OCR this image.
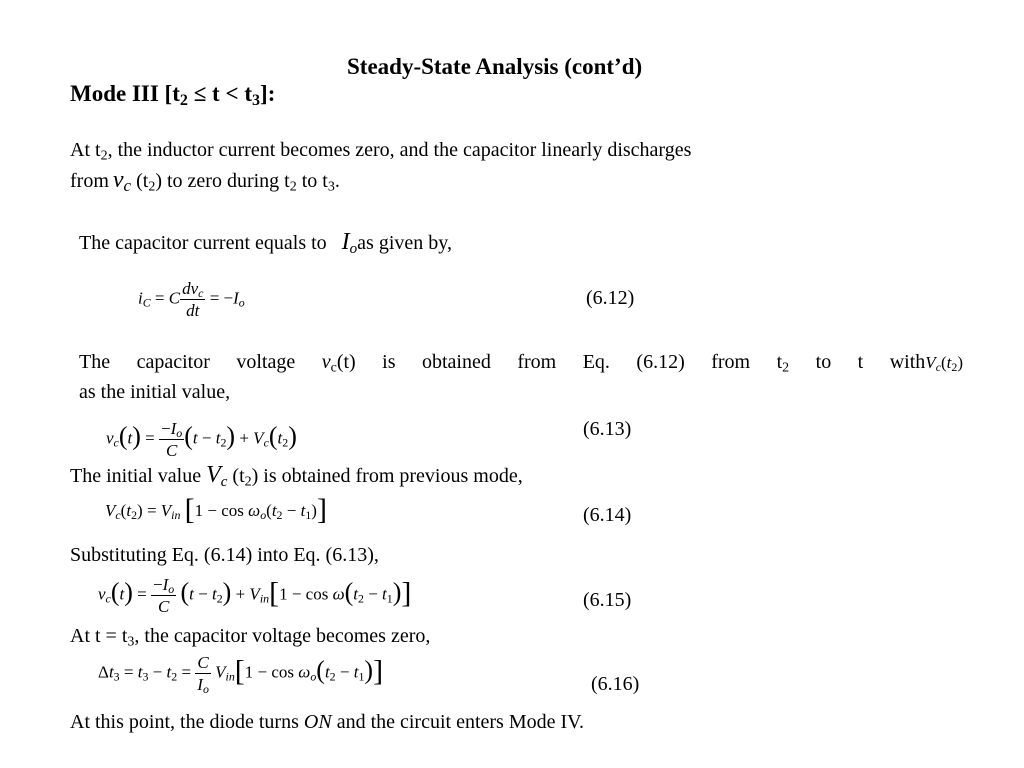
Steady-State Analysis (cont’d)
Mode III $[t_2 \le t < t_3]$:
At $t_2$, the inductor current becomes zero, and the capacitor linearly discharges
from $v_c$ $(t_2)$ to zero during $t_2$ to $t_3$.
The capacitor current equals to $I_oas$ given by,
$i_C = C \frac{dv_c}{dt} = -I_o$	(6.12)
The capacitor voltage $v_c(t)$ is obtained from Eq. (6.12) from $t_2$ to t $withV_c(t_2)$
as the initial value,
$v_c(t) = \frac{-I_o}{C} (t - t_2) + V_c(t_2)$	(6.13)
The initial value $V_c$ $(t_2)$ is obtained from previous mode,
$V_c(t_2) = V_{in}$ $[1 - \cos \omega_o(t_2 - t_1)]$	(6.14)
Substituting Eq. (6.14) into Eq. (6.13),
$v_c(t) = \frac{-I_o}{C} (t - t_2) + V_{in}[1 - \cos \omega(t_2 - t_1)]$	(6.15)
At $t = t_3$, the capacitor voltage becomes zero,
$\Delta t_3 = t_3 - t_2 = \frac{C}{I_o} V_{in}[1 - \cos \omega_o(t_2 - t_1)]$	(6.16)
At this point, the diode turns ON and the circuit enters Mode IV.
